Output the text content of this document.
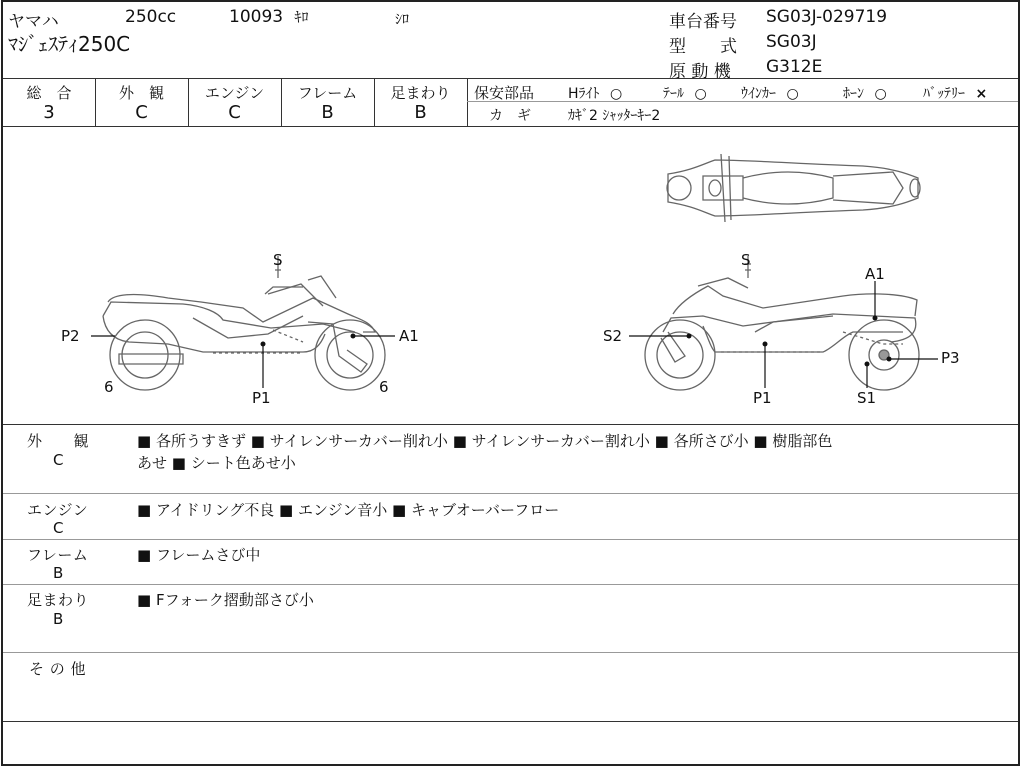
ヤマハ	250cc	10093 ｷﾛ	ｼﾛ
ﾏｼﾞｪｽﾃｨ250C
車台番号 SG03J-029719
型　　式 SG03J
原 動 機 G312E
総　合
3
外　観
C
エンジン
C
フレーム
B
足まわり
B
保安部品 Hﾗｲﾄ ○	ﾃｰﾙ ○ ｳｲﾝｶｰ ○	ﾎｰﾝ ○	ﾊﾞｯﾃﾘｰ ×
カ　ギ	ｶｷﾞ2 ｼｬｯﾀｰｷｰ2
S
P2	A1
P1
6	6
S
A1
S2
P3
P1	S1
外　　観
C
■ 各所うすきず ■ サイレンサーカバー削れ小 ■ サイレンサーカバー割れ小 ■ 各所さび小 ■ 樹脂部色
あせ ■ シート色あせ小
エンジン
C
■ アイドリング不良 ■ エンジン音小 ■ キャブオーバーフロー
フレーム
B
■ フレームさび中
足まわり
B
■ Fフォーク摺動部さび小
そ の 他
